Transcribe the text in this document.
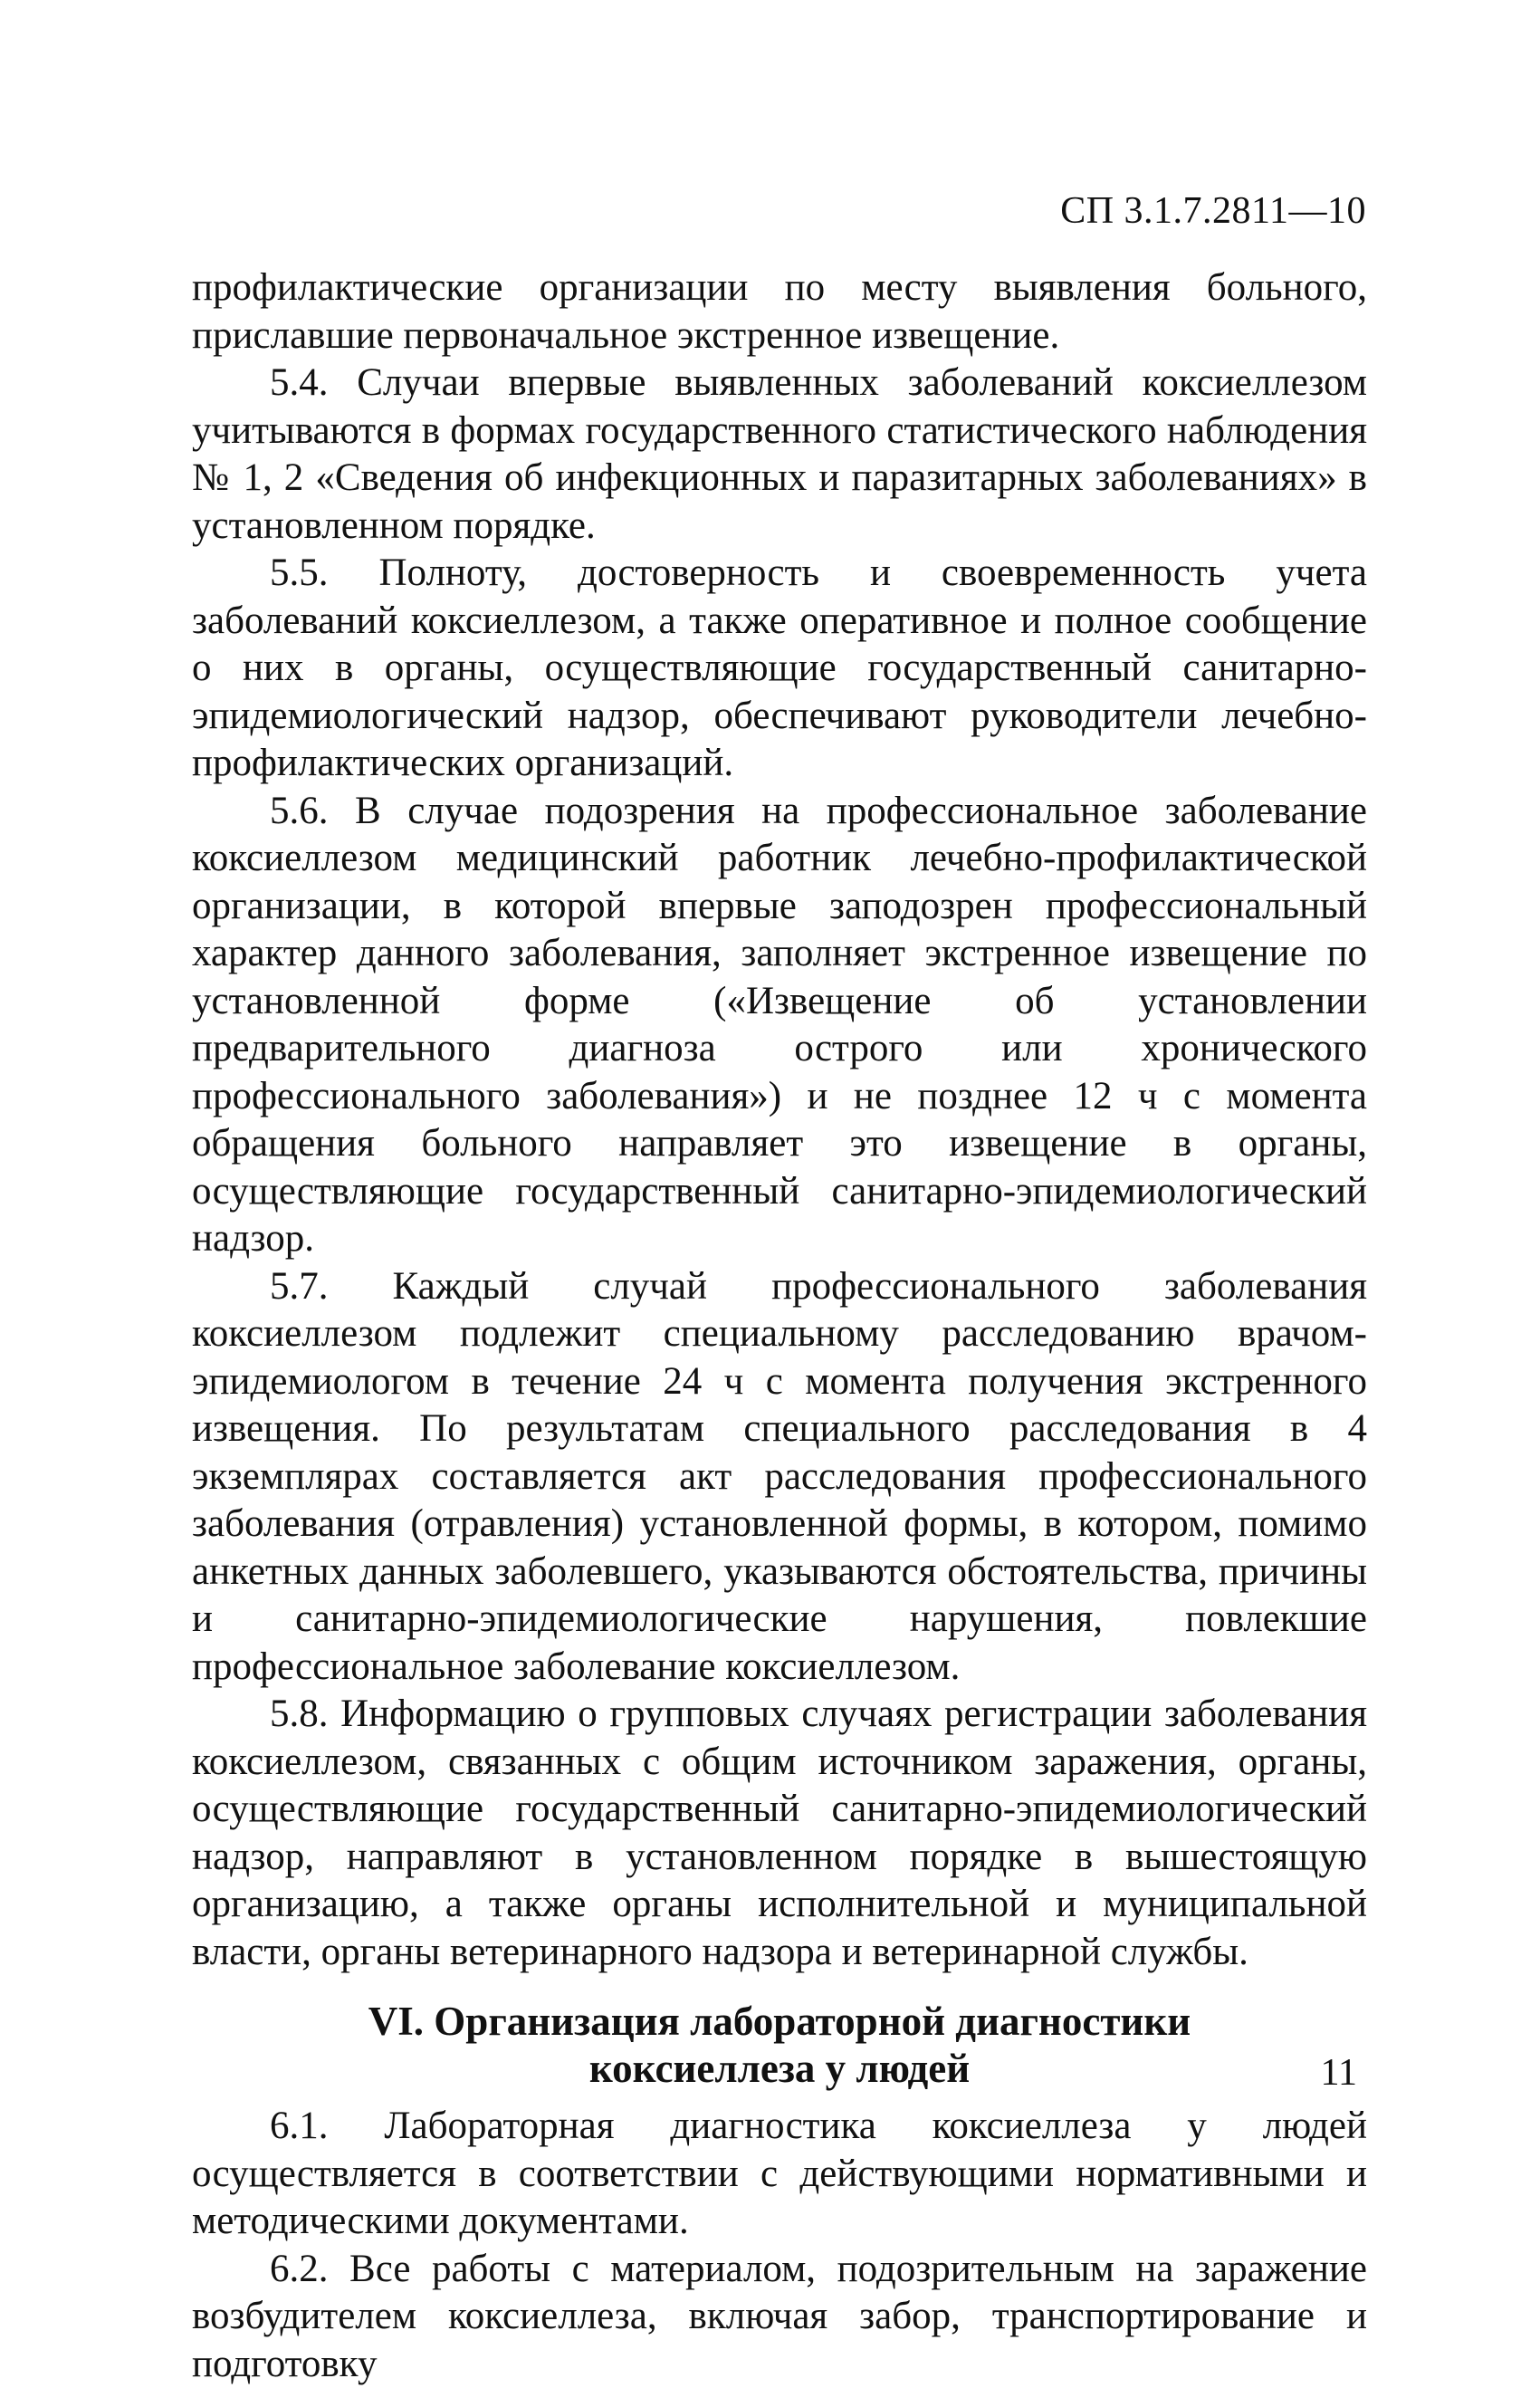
СП 3.1.7.2811—10

профилактические организации по месту выявления больного, приславшие первоначальное экстренное извещение.

5.4. Случаи впервые выявленных заболеваний коксиеллезом учитываются в формах государственного статистического наблюдения № 1, 2 «Сведения об инфекционных и паразитарных заболеваниях» в установленном порядке.

5.5. Полноту, достоверность и своевременность учета заболеваний коксиеллезом, а также оперативное и полное сообщение о них в органы, осуществляющие государственный санитарно-эпидемиологический надзор, обеспечивают руководители лечебно-профилактических организаций.

5.6. В случае подозрения на профессиональное заболевание коксиеллезом медицинский работник лечебно-профилактической организации, в которой впервые заподозрен профессиональный характер данного заболевания, заполняет экстренное извещение по установленной форме («Извещение об установлении предварительного диагноза острого или хронического профессионального заболевания») и не позднее 12 ч с момента обращения больного направляет это извещение в органы, осуществляющие государственный санитарно-эпидемиологический надзор.

5.7. Каждый случай профессионального заболевания коксиеллезом подлежит специальному расследованию врачом-эпидемиологом в течение 24 ч с момента получения экстренного извещения. По результатам специального расследования в 4 экземплярах составляется акт расследования профессионального заболевания (отравления) установленной формы, в котором, помимо анкетных данных заболевшего, указываются обстоятельства, причины и санитарно-эпидемиологические нарушения, повлекшие профессиональное заболевание коксиеллезом.

5.8. Информацию о групповых случаях регистрации заболевания коксиеллезом, связанных с общим источником заражения, органы, осуществляющие государственный санитарно-эпидемиологический надзор, направляют в установленном порядке в вышестоящую организацию, а также органы исполнительной и муниципальной власти, органы ветеринарного надзора и ветеринарной службы.

VI. Организация лабораторной диагностики
коксиеллеза у людей

6.1. Лабораторная диагностика коксиеллеза у людей осуществляется в соответствии с действующими нормативными и методическими документами.

6.2. Все работы с материалом, подозрительным на заражение возбудителем коксиеллеза, включая забор, транспортирование и подготовку

11
